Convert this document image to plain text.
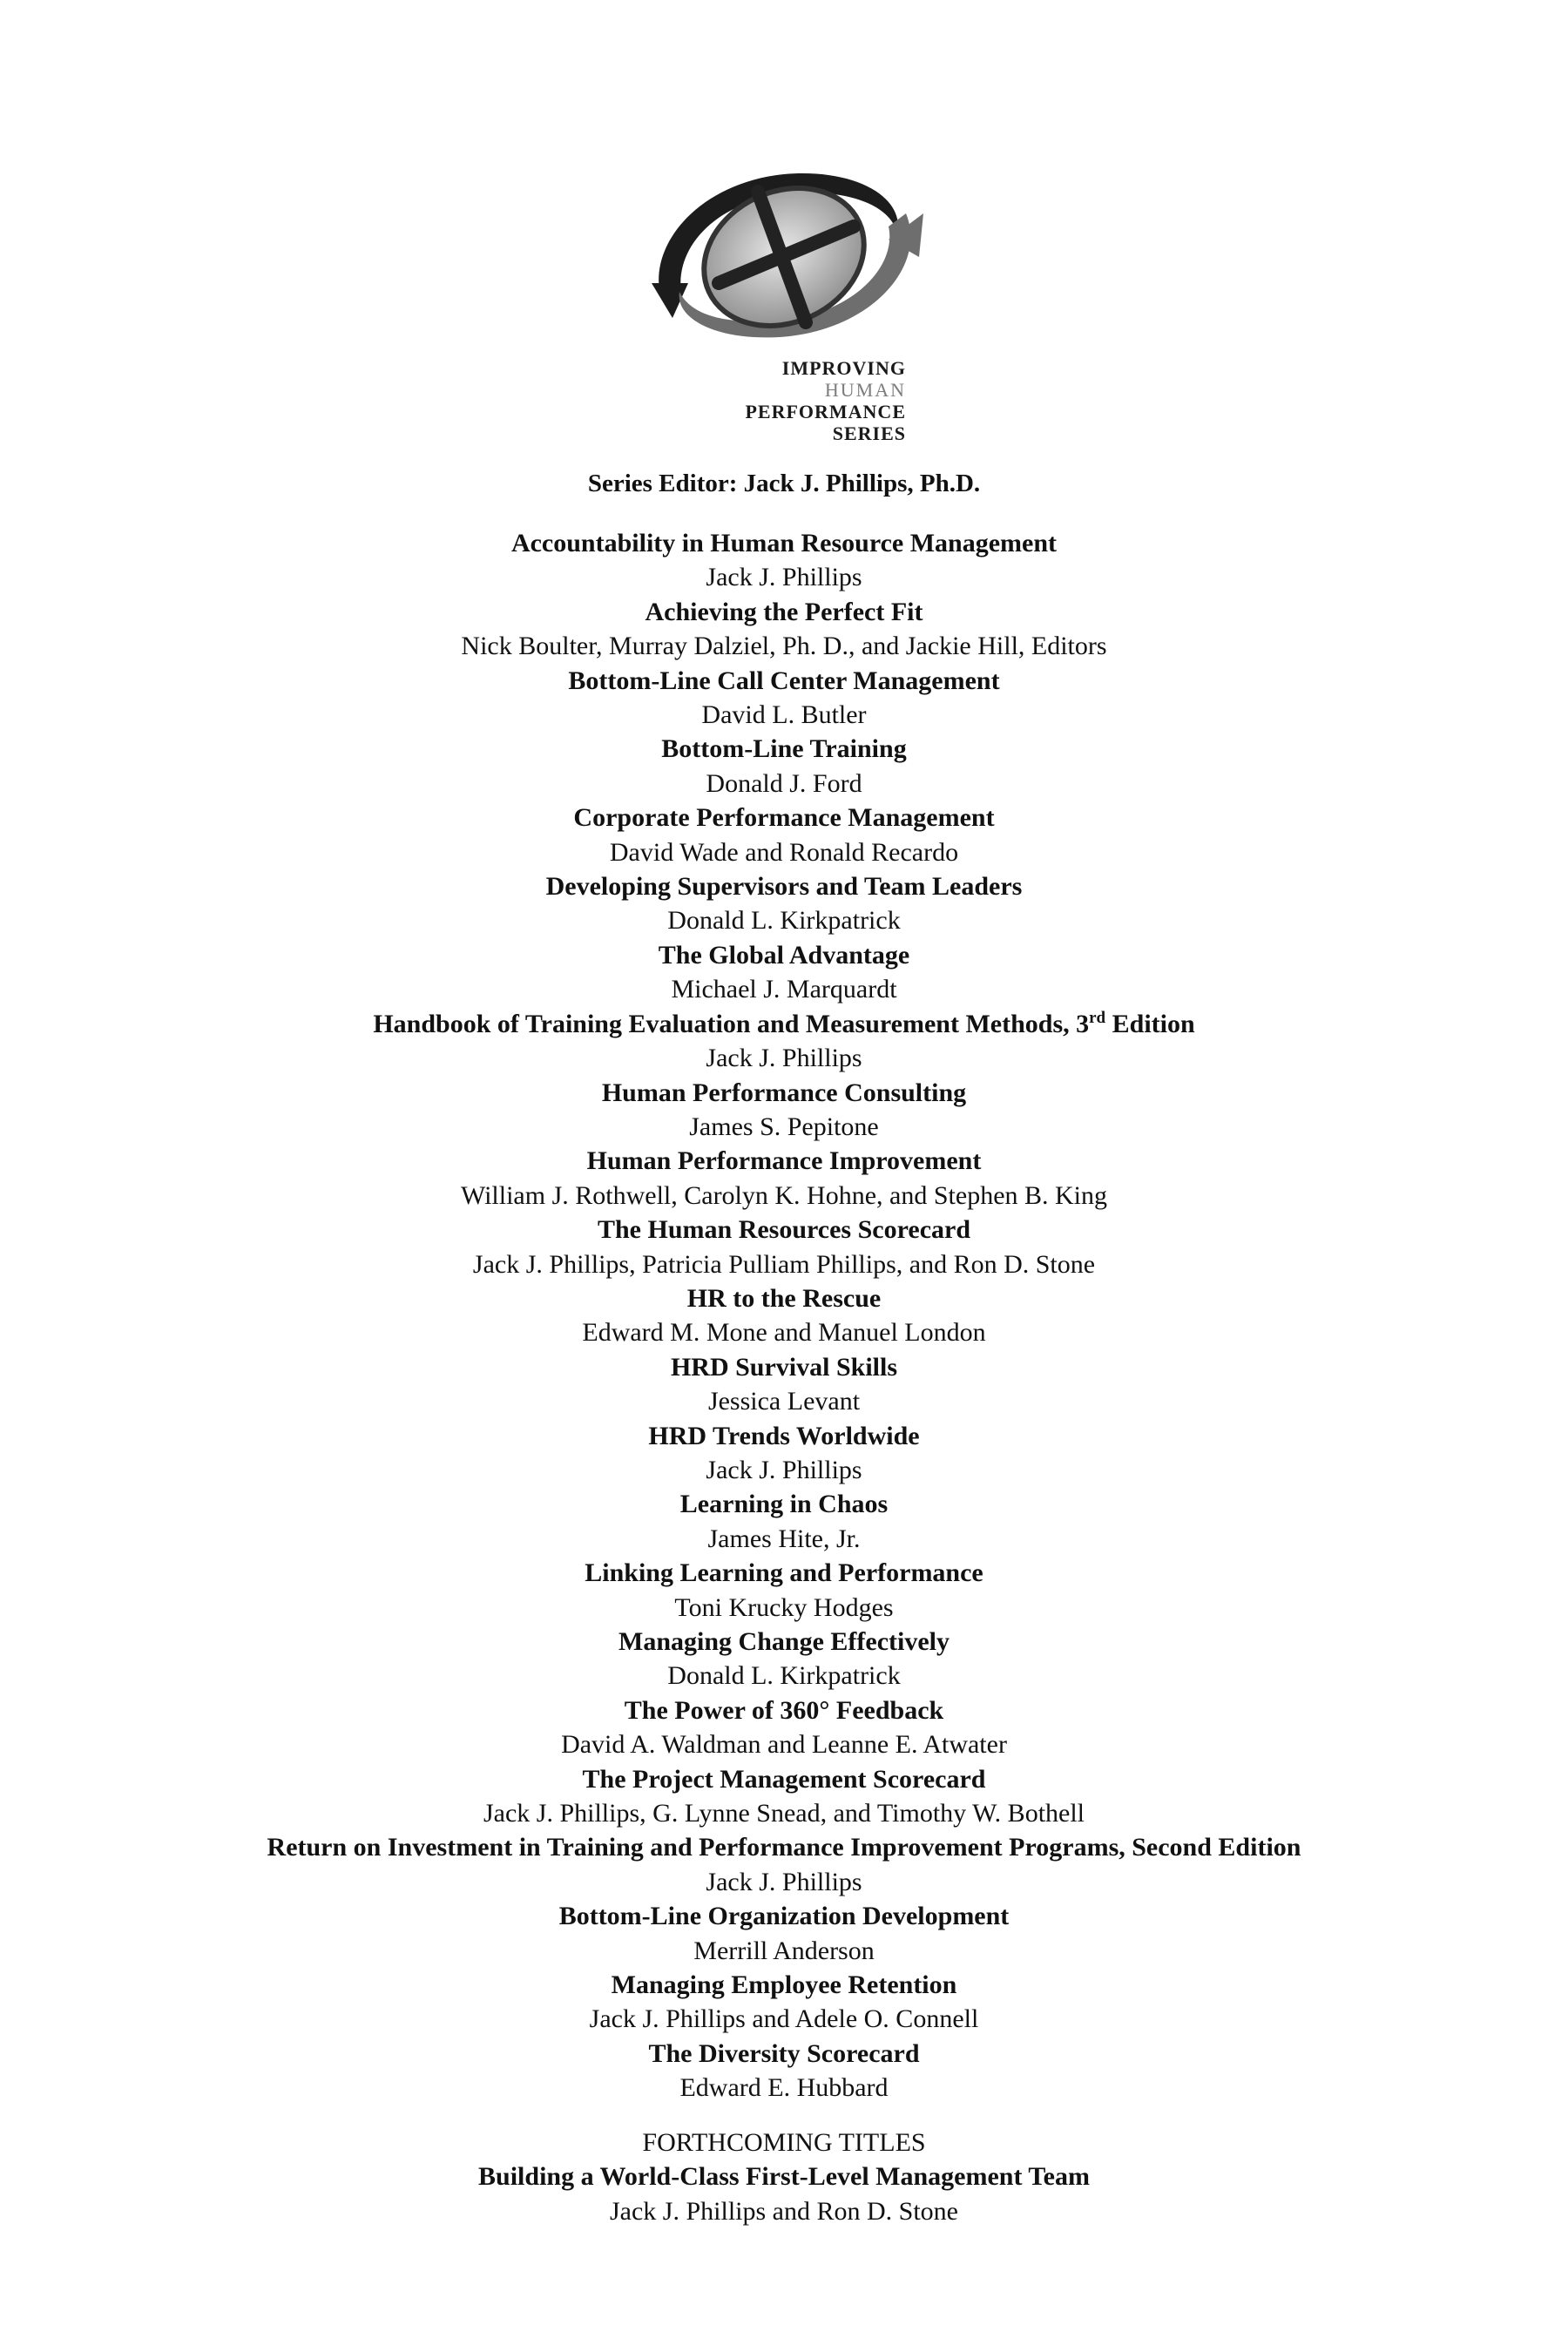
IMPROVING
HUMAN
PERFORMANCE
SERIES
Series Editor: Jack J. Phillips, Ph.D.
Accountability in Human Resource Management
Jack J. Phillips
Achieving the Perfect Fit
Nick Boulter, Murray Dalziel, Ph. D., and Jackie Hill, Editors
Bottom-Line Call Center Management
David L. Butler
Bottom-Line Training
Donald J. Ford
Corporate Performance Management
David Wade and Ronald Recardo
Developing Supervisors and Team Leaders
Donald L. Kirkpatrick
The Global Advantage
Michael J. Marquardt
Handbook of Training Evaluation and Measurement Methods, 3rd Edition
Jack J. Phillips
Human Performance Consulting
James S. Pepitone
Human Performance Improvement
William J. Rothwell, Carolyn K. Hohne, and Stephen B. King
The Human Resources Scorecard
Jack J. Phillips, Patricia Pulliam Phillips, and Ron D. Stone
HR to the Rescue
Edward M. Mone and Manuel London
HRD Survival Skills
Jessica Levant
HRD Trends Worldwide
Jack J. Phillips
Learning in Chaos
James Hite, Jr.
Linking Learning and Performance
Toni Krucky Hodges
Managing Change Effectively
Donald L. Kirkpatrick
The Power of 360° Feedback
David A. Waldman and Leanne E. Atwater
The Project Management Scorecard
Jack J. Phillips, G. Lynne Snead, and Timothy W. Bothell
Return on Investment in Training and Performance Improvement Programs, Second Edition
Jack J. Phillips
Bottom-Line Organization Development
Merrill Anderson
Managing Employee Retention
Jack J. Phillips and Adele O. Connell
The Diversity Scorecard
Edward E. Hubbard
FORTHCOMING TITLES
Building a World-Class First-Level Management Team
Jack J. Phillips and Ron D. Stone
